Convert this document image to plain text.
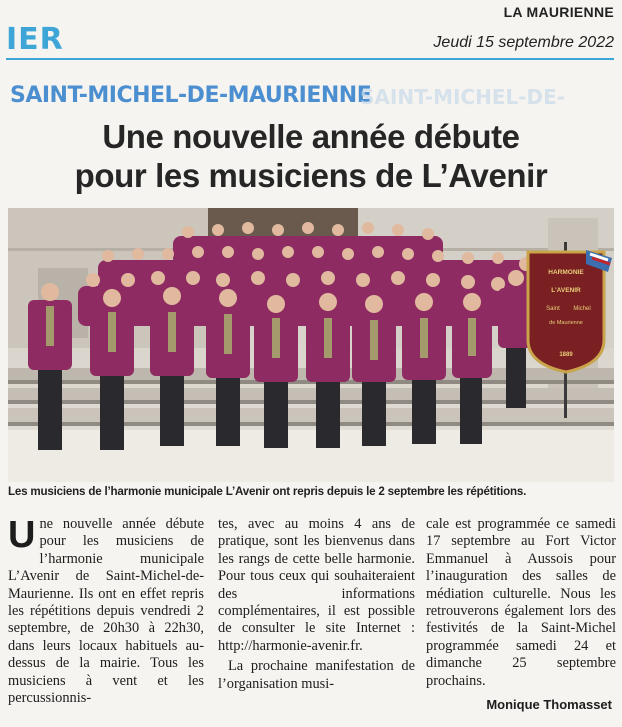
IER
LA MAURIENNE
Jeudi 15 septembre 2022
SAINT-MICHEL-DE-MAURIENNE
SAINT-MICHEL-DE-
Une nouvelle année débute
pour les musiciens de L’Avenir
HARMONIE
L’AVENIR
Saint Michel
de Maurienne
1889
Les musiciens de l’harmonie municipale L’Avenir ont repris depuis le 2 septembre les répétitions.

Une nouvelle année débute pour les musiciens de l’harmonie municipale L’Avenir de Saint-Michel-de-Maurienne. Ils ont en effet repris les répétitions depuis vendredi 2 septembre, de 20h30 à 22h30, dans leurs locaux habituels au-dessus de la mairie. Tous les musiciens à vent et les percussionnis-

tes, avec au moins 4 ans de pratique, sont les bienvenus dans les rangs de cette belle harmonie. Pour tous ceux qui souhaiteraient des informations complémentaires, il est possible de consulter le site Internet : http://harmonie-avenir.fr.

La prochaine manifestation de l’organisation musi-

cale est programmée ce samedi 17 septembre au Fort Victor Emmanuel à Aussois pour l’inauguration des salles de médiation culturelle. Nous les retrouverons également lors des festivités de la Saint-Michel programmée samedi 24 et dimanche 25 septembre prochains.

Monique Thomasset
